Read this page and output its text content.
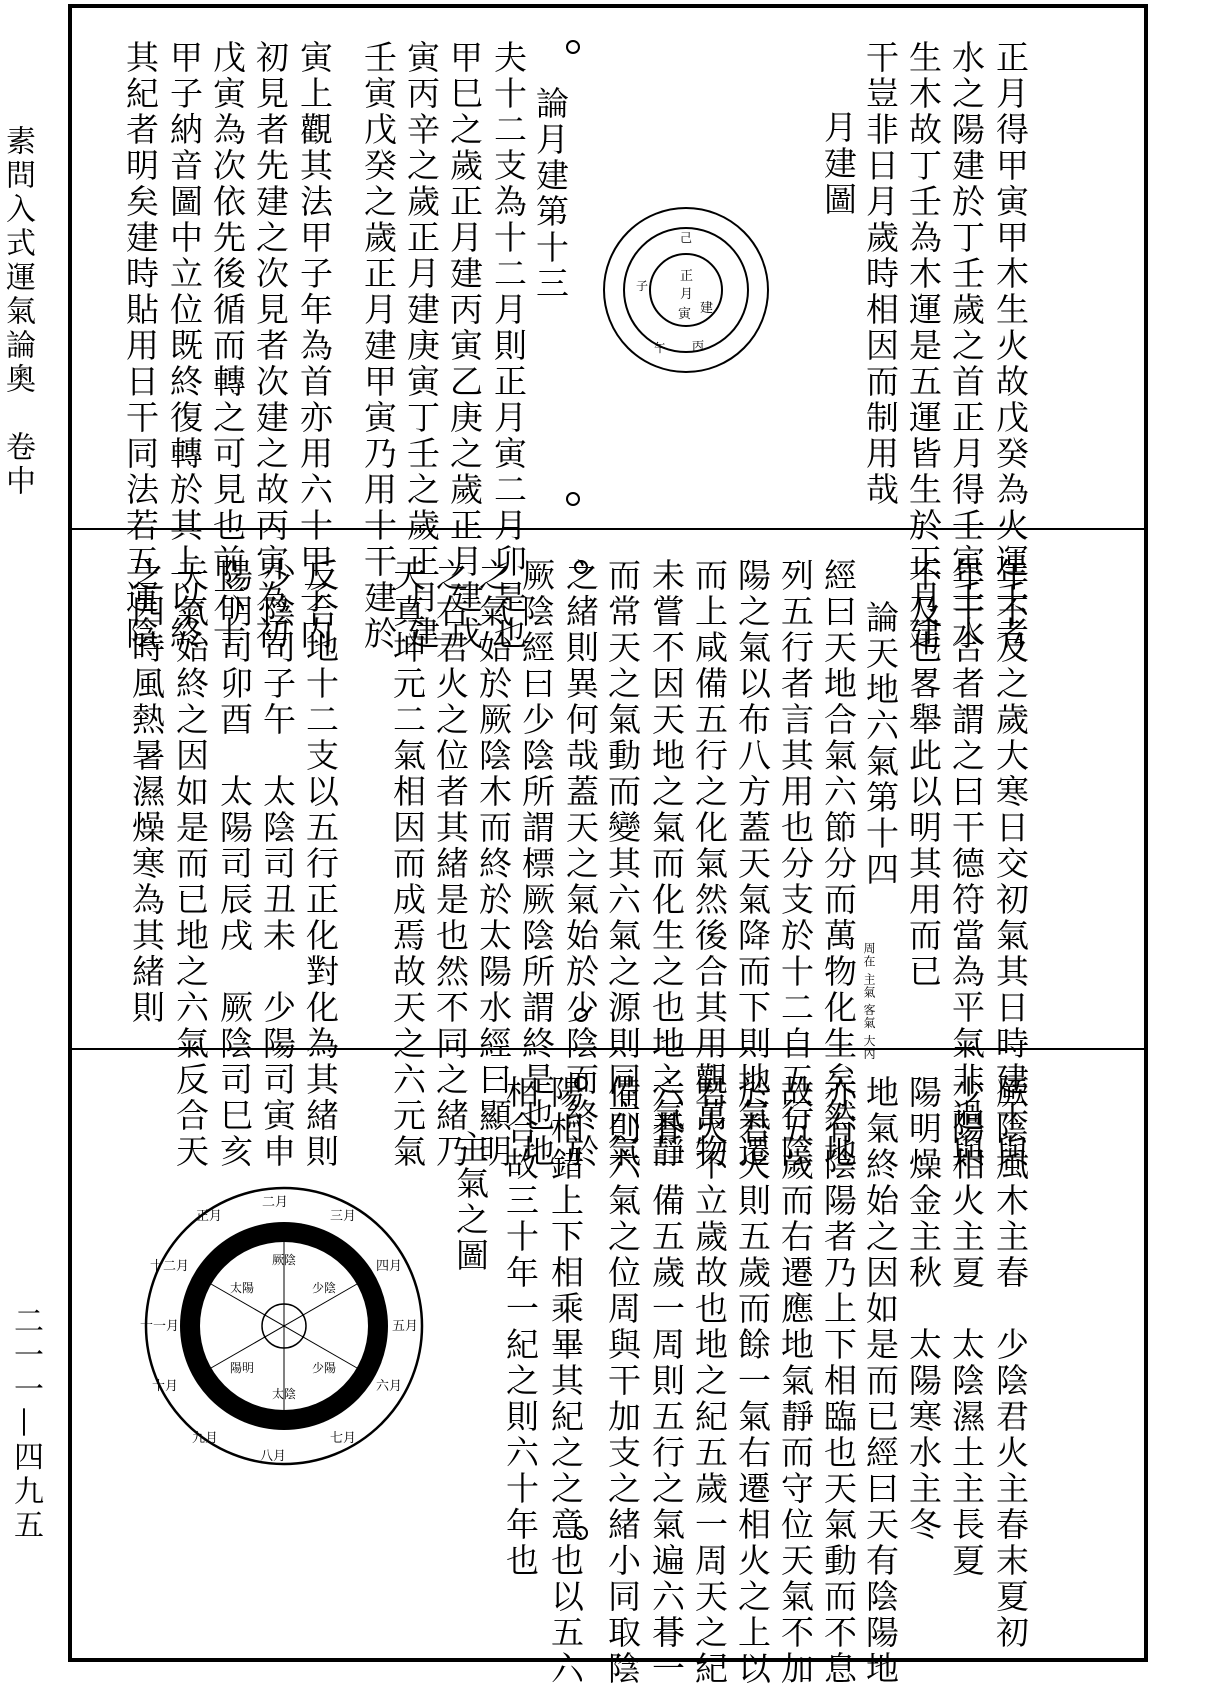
素問入式運氣論奧　卷中
二一一—四九五
正月得甲寅甲木生火故戊癸為火運壬者
水之陽建於丁壬歲之首正月得壬寅壬水
生木故丁壬為木運是五運皆生於正月建
干豈非日月歲時相因而制用哉
月建圖
正
月
建
寅
丙
己
午
子
論月建第十三
夫十二支為十二月則正月寅二月卯是也
甲巳之歲正月建丙寅乙庚之歲正月建戊
寅丙辛之歲正月建庚寅丁壬之歲正月建
壬寅戊癸之歲正月建甲寅乃用十干建於
寅上觀其法甲子年為首亦用六十甲子内
初見者先建之次見者次建之故丙寅為初
戊寅為次依先後循而轉之可見也前六十
甲子納音圖中立位既終復轉於其上以終
其紀者明矣建時貼用日干同法若五運陰
年不及之歲大寒日交初氣其日時建干與
年干合者謂之曰干德符當為平氣非過與
不及也畧舉此以明其用而已
論天地六氣第十四
周在 主氣 客氣 大內
經曰天地合氣六節分而萬物化生矣然地
列五行者言其用也分支於十二自五行陰
陽之氣以布八方蓋天氣降而下則地氣遷
而上咸備五行之化氣然後合其用觀萬物
未嘗不因天地之氣而化生之也地之氣靜
而常天之氣動而變其六氣之源則同六氣
之緒則異何哉蓋天之氣始於少陰而終於
厥陰經曰少陰所謂標厥陰所謂終是也地
之氣始於厥陰木而終於太陽水經曰顯明
之右君火之位者其緒是也然不同之緒乃
天真坤元二氣相因而成焉故天之六元氣
反合地十二支以五行正化對化為其緒則
少陰司子午　太陰司丑未　少陽司寅申
陽明司卯酉　太陽司辰戌　厥陰司巳亥
天氣始終之因如是而已地之六氣反合天
之四時風熱暑濕燥寒為其緒則
厥陰風木主春　少陰君火主春末夏初
少陽相火主夏　太陰濕土主長夏
陽明燥金主秋　太陽寒水主冬
地氣終始之因如是而已經曰天有陰陽地
亦有陰陽者乃上下相臨也天氣動而不息
故五歲而右遷應地氣靜而守位天氣不加
於君火則五歲而餘一氣右遷相火之上以
君火不立歲故也地之紀五歲一周天之紀
六朞一備五歲一周則五行之氣遍六朞一
備則六氣之位周與干加支之緒小同取陰
陽相錯上下相乘畢其紀之之意也以五六
相合故三十年一紀之則六十年也
主氣之圖
二月
三月
四月
五月
六月
七月
八月
九月
十月
十一月
十二月
正月
厥陰
少陰
少陽
太陰
陽明
太陽
